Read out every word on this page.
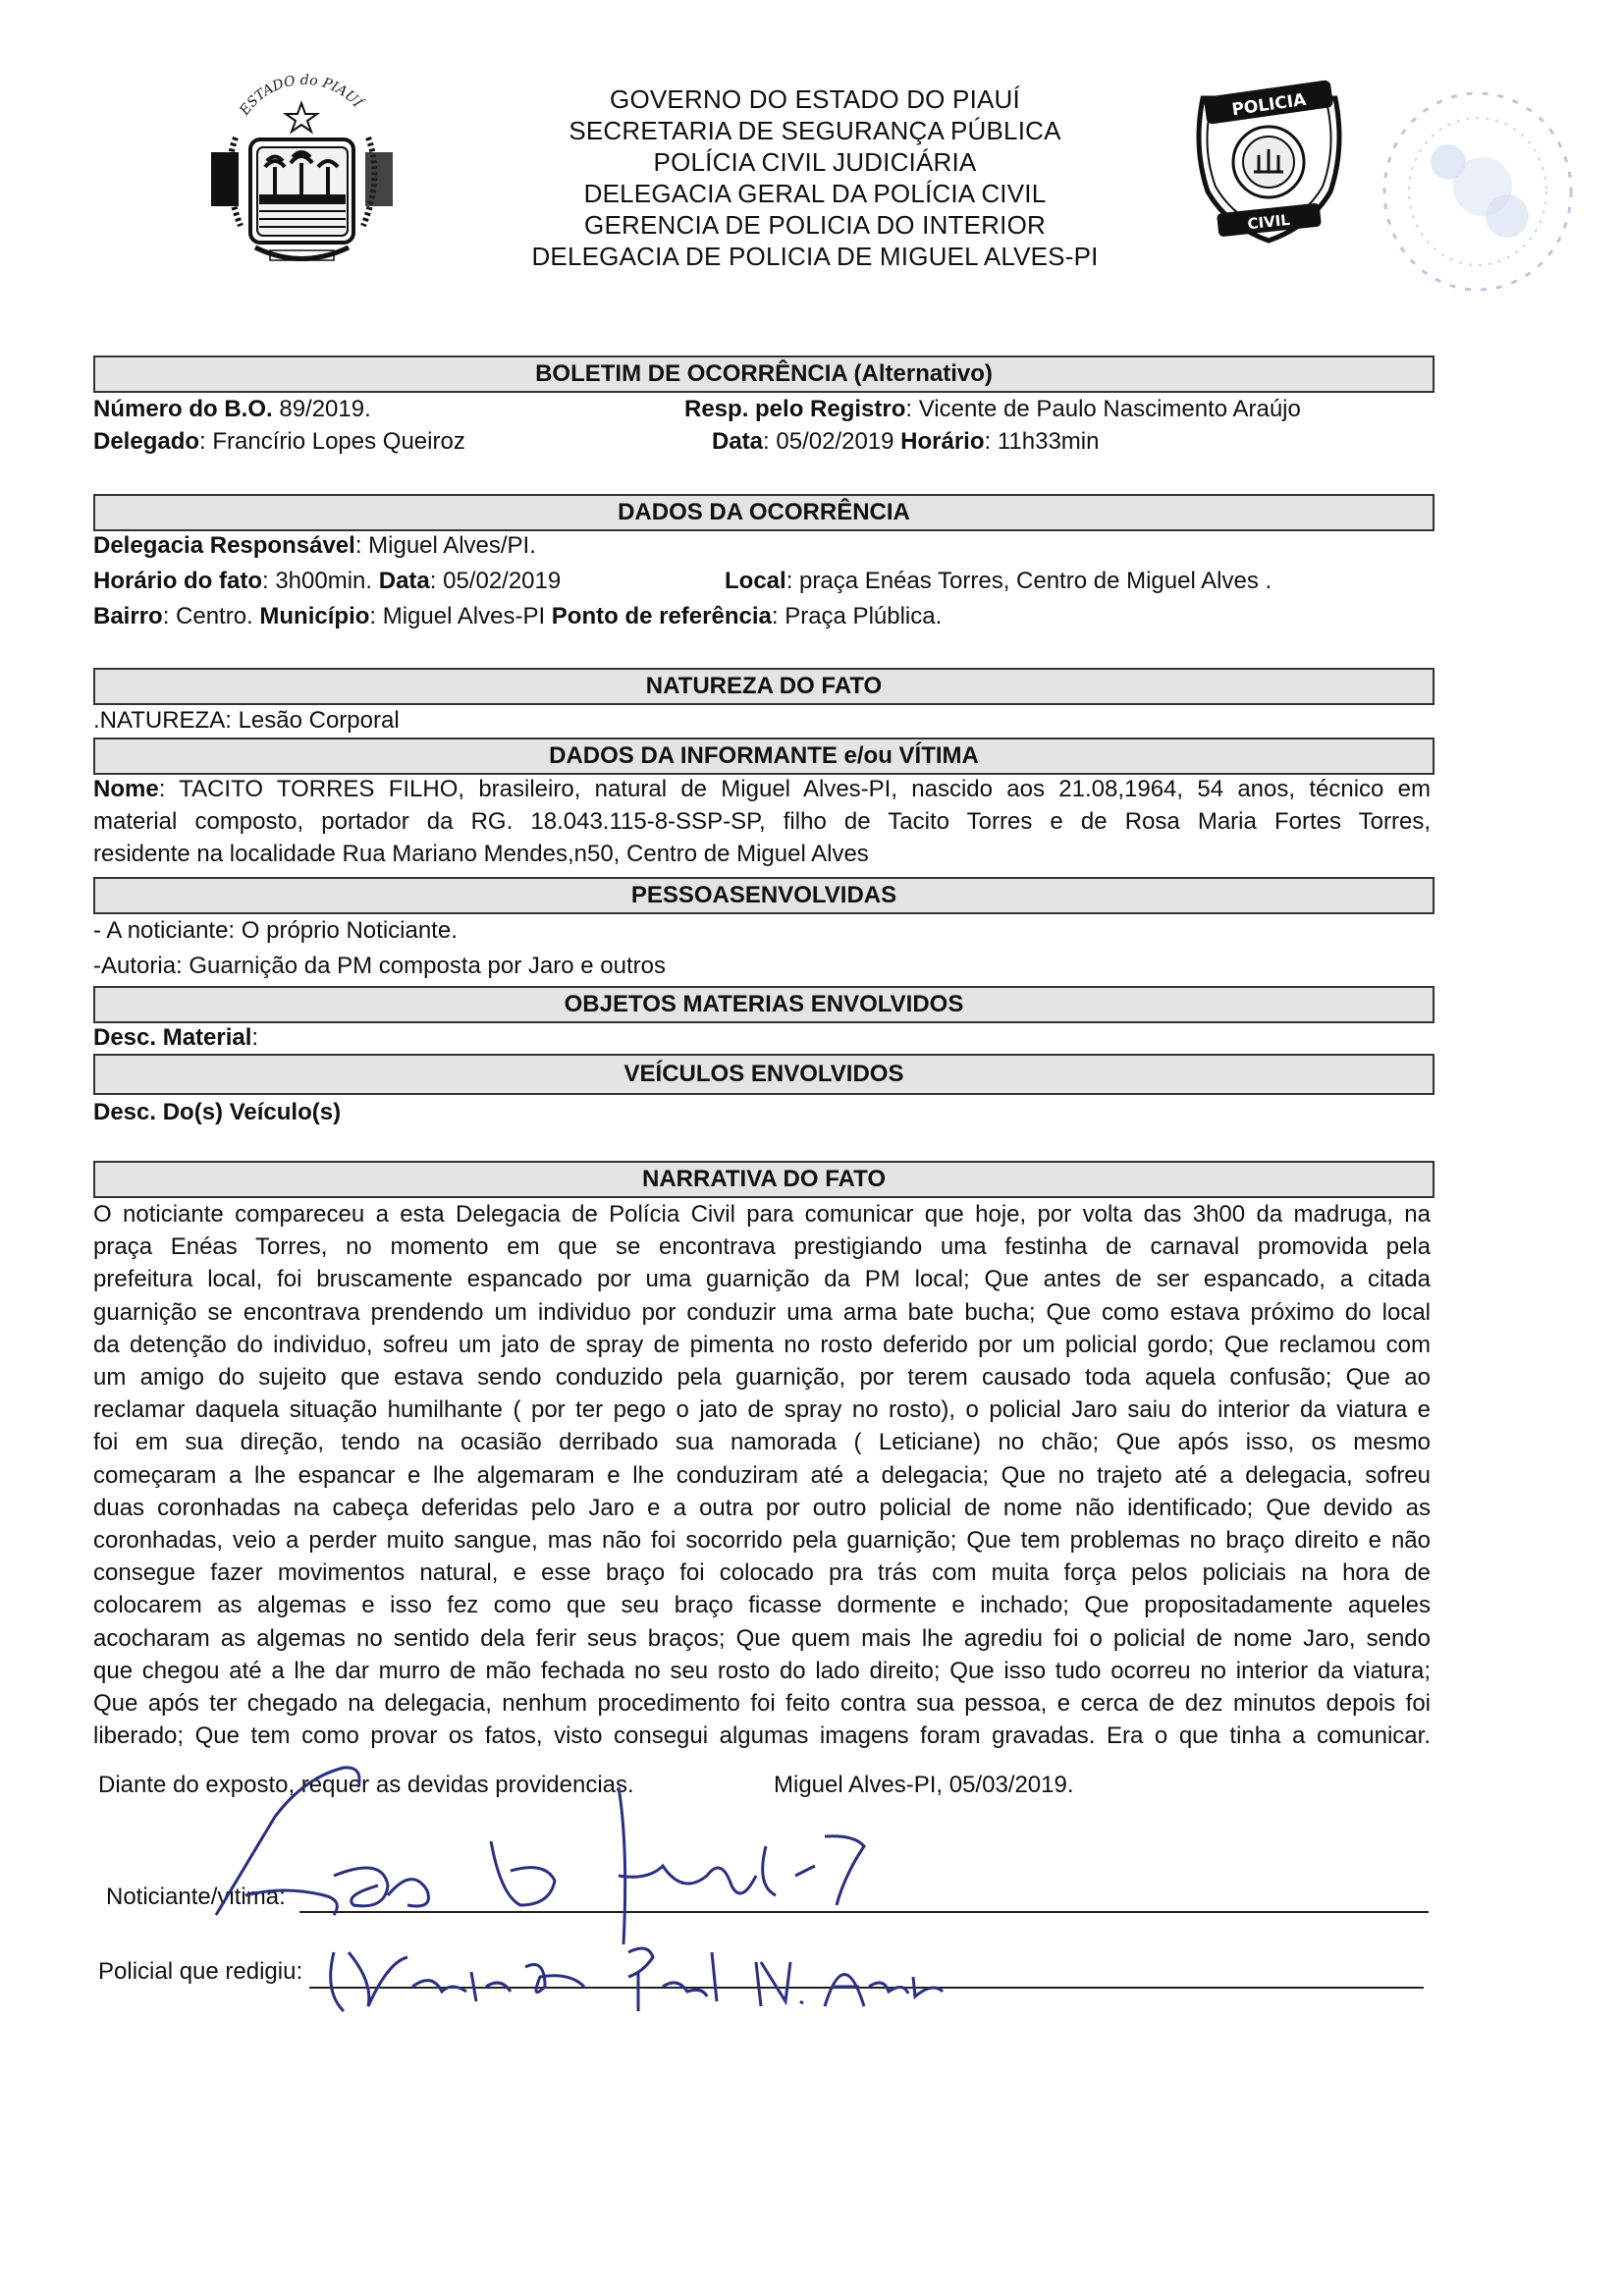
ESTADO do PIAUÍ	GOVERNO DO ESTADO DO PIAUÍ
SECRETARIA DE SEGURANÇA PÚBLICA
POLÍCIA CIVIL JUDICIÁRIA
DELEGACIA GERAL DA POLÍCIA CIVIL
GERENCIA DE POLICIA DO INTERIOR
DELEGACIA DE POLICIA DE MIGUEL ALVES-PI
POLICIA
CIVIL
BOLETIM DE OCORRÊNCIA (Alternativo)
Número do B.O. 89/2019.	Resp. pelo Registro: Vicente de Paulo Nascimento Araújo
Delegado: Francírio Lopes Queiroz	Data: 05/02/2019 Horário: 11h33min
DADOS DA OCORRÊNCIA
Delegacia Responsável: Miguel Alves/PI.
Horário do fato: 3h00min. Data: 05/02/2019	Local: praça Enéas Torres, Centro de Miguel Alves .
Bairro: Centro. Município: Miguel Alves-PI Ponto de referência: Praça Plública.
NATUREZA DO FATO
.NATUREZA: Lesão Corporal
DADOS DA INFORMANTE e/ou VÍTIMA
Nome: TACITO TORRES FILHO, brasileiro, natural de Miguel Alves-PI, nascido aos 21.08,1964, 54 anos, técnico em
material composto, portador da RG. 18.043.115-8-SSP-SP, filho de Tacito Torres e de Rosa Maria Fortes Torres,
residente na localidade Rua Mariano Mendes,n50, Centro de Miguel Alves
PESSOASENVOLVIDAS
- A noticiante: O próprio Noticiante.
-Autoria: Guarnição da PM composta por Jaro e outros
OBJETOS MATERIAS ENVOLVIDOS
Desc. Material:
VEÍCULOS ENVOLVIDOS
Desc. Do(s) Veículo(s)
NARRATIVA DO FATO
O noticiante compareceu a esta Delegacia de Polícia Civil para comunicar que hoje, por volta das 3h00 da madruga, na
praça Enéas Torres, no momento em que se encontrava prestigiando uma festinha de carnaval promovida pela
prefeitura local, foi bruscamente espancado por uma guarnição da PM local; Que antes de ser espancado, a citada
guarnição se encontrava prendendo um individuo por conduzir uma arma bate bucha; Que como estava próximo do local
da detenção do individuo, sofreu um jato de spray de pimenta no rosto deferido por um policial gordo; Que reclamou com
um amigo do sujeito que estava sendo conduzido pela guarnição, por terem causado toda aquela confusão; Que ao
reclamar daquela situação humilhante ( por ter pego o jato de spray no rosto), o policial Jaro saiu do interior da viatura e
foi em sua direção, tendo na ocasião derribado sua namorada ( Leticiane) no chão; Que após isso, os mesmo
começaram a lhe espancar e lhe algemaram e lhe conduziram até a delegacia; Que no trajeto até a delegacia, sofreu
duas coronhadas na cabeça deferidas pelo Jaro e a outra por outro policial de nome não identificado; Que devido as
coronhadas, veio a perder muito sangue, mas não foi socorrido pela guarnição; Que tem problemas no braço direito e não
consegue fazer movimentos natural, e esse braço foi colocado pra trás com muita força pelos policiais na hora de
colocarem as algemas e isso fez como que seu braço ficasse dormente e inchado; Que propositadamente aqueles
acocharam as algemas no sentido dela ferir seus braços; Que quem mais lhe agrediu foi o policial de nome Jaro, sendo
que chegou até a lhe dar murro de mão fechada no seu rosto do lado direito; Que isso tudo ocorreu no interior da viatura;
Que após ter chegado na delegacia, nenhum procedimento foi feito contra sua pessoa, e cerca de dez minutos depois foi
liberado; Que tem como provar os fatos, visto consegui algumas imagens foram gravadas. Era o que tinha a comunicar.
Diante do exposto, requer as devidas providencias.	Miguel Alves-PI, 05/03/2019.
Noticiante/vitima:
Policial que redigiu:
